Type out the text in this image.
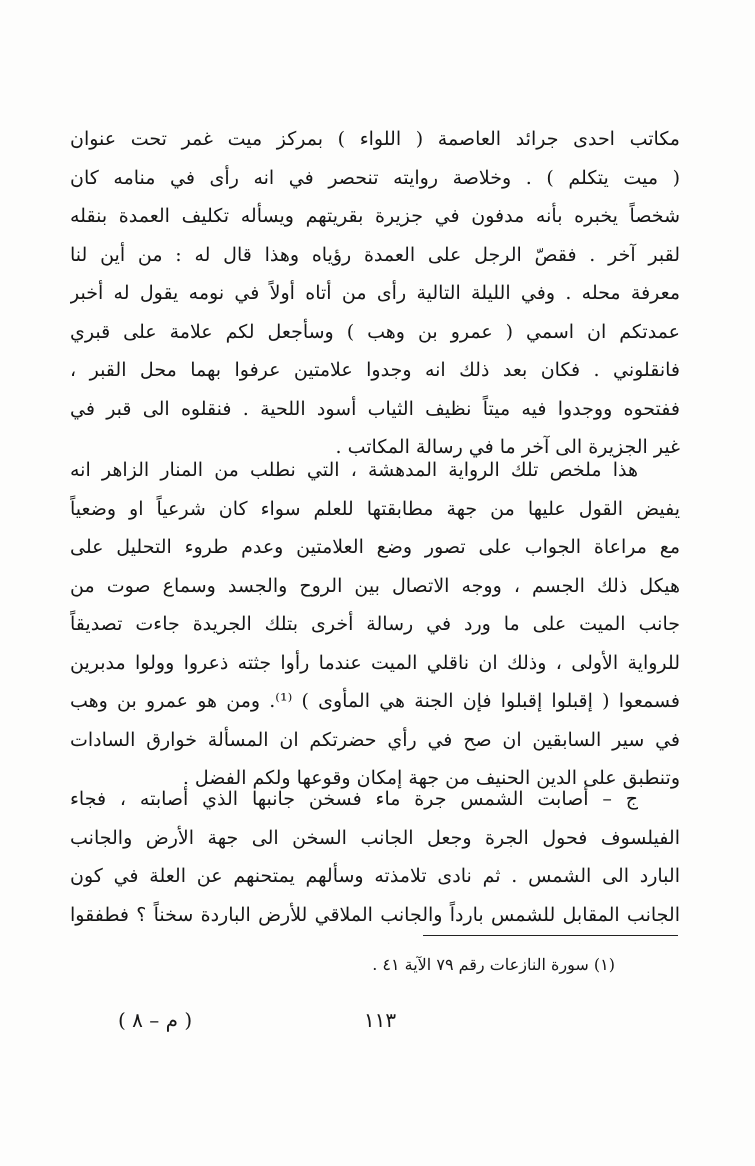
مكاتب احدى جرائد العاصمة ( اللواء ) بمركز ميت غمر تحت عنوان
( ميت يتكلم ) . وخلاصة روايته تنحصر في انه رأى في منامه كان
شخصاً يخبره بأنه مدفون في جزيرة بقريتهم ويسأله تكليف العمدة بنقله
لقبر آخر . فقصّ الرجل على العمدة رؤياه وهذا قال له : من أين لنا
معرفة محله . وفي الليلة التالية رأى من أتاه أولاً في نومه يقول له أخبر
عمدتكم ان اسمي ( عمرو بن وهب ) وسأجعل لكم علامة على قبري
فانقلوني . فكان بعد ذلك انه وجدوا علامتين عرفوا بهما محل القبر ،
ففتحوه ووجدوا فيه ميتاً نظيف الثياب أسود اللحية . فنقلوه الى قبر في
غير الجزيرة الى آخر ما في رسالة المكاتب .
هذا ملخص تلك الرواية المدهشة ، التي نطلب من المنار الزاهر انه
يفيض القول عليها من جهة مطابقتها للعلم سواء كان شرعياً او وضعياً
مع مراعاة الجواب على تصور وضع العلامتين وعدم طروء التحليل على
هيكل ذلك الجسم ، ووجه الاتصال بين الروح والجسد وسماع صوت من
جانب الميت على ما ورد في رسالة أخرى بتلك الجريدة جاءت تصديقاً
للرواية الأولى ، وذلك ان ناقلي الميت عندما رأوا جثته ذعروا وولوا مدبرين
فسمعوا ( إقبلوا إقبلوا فإن الجنة هي المأوى ) ⁽¹⁾. ومن هو عمرو بن وهب
في سير السابقين ان صح في رأي حضرتكم ان المسألة خوارق السادات
وتنطبق على الدين الحنيف من جهة إمكان وقوعها ولكم الفضل .
ج – أصابت الشمس جرة ماء فسخن جانبها الذي أصابته ، فجاء
الفيلسوف فحول الجرة وجعل الجانب السخن الى جهة الأرض والجانب
البارد الى الشمس . ثم نادى تلامذته وسألهم يمتحنهم عن العلة في كون
الجانب المقابل للشمس بارداً والجانب الملاقي للأرض الباردة سخناً ؟ فطفقوا
(١) سورة النازعات رقم ٧٩ الآية ٤١ .
( م – ٨ )	١١٣
